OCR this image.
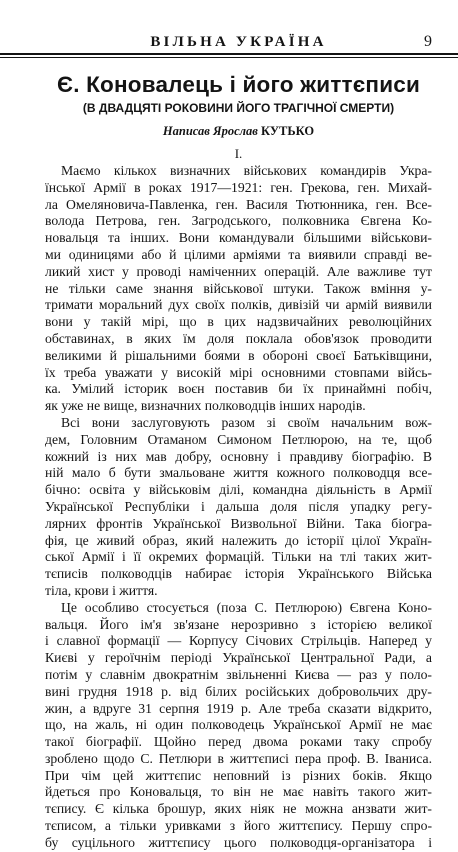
ВІЛЬНА УКРАЇНА	9
Є. Коновалець і його життєписи
(В ДВАДЦЯТІ РОКОВИНИ ЙОГО ТРАГІЧНОЇ СМЕРТИ)
Написав Ярослав КУТЬКО
I.
Маємо кількох визначних військових командирів Укра-
їнської Армії в роках 1917—1921: ген. Грекова, ген. Михай-
ла Омеляновича-Павленка, ген. Василя Тютюнника, ген. Все-
волода Петрова, ген. Загродського, полковника Євгена Ко-
новальця та інших. Вони командували більшими військови-
ми одиницями або й цілими арміями та виявили справді ве-
ликий хист у проводі наміченних операцій. Але важливе тут
не тільки саме знання військової штуки. Також вміння у-
тримати моральний дух своїх полків, дивізій чи армій виявили
вони у такій мірі, що в цих надзвичайних революційних
обставинах, в яких їм доля поклала обов'язок проводити
великими й рішальними боями в обороні своєї Батьківщини,
їх треба уважати у високій мірі основними стовпами війсь-
ка. Умілий історик воєн поставив би їх принаймні побіч,
як уже не вище, визначних полководців інших народів.
Всі вони заслуговують разом зі своїм начальним вож-
дем, Головним Отаманом Симоном Петлюрою, на те, щоб
кожний із них мав добру, основну і правдиву біографію. В
ній мало б бути змальоване життя кожного полководця все-
бічно: освіта у військовім ділі, командна діяльність в Армії
Української Республіки і дальша доля після упадку регу-
лярних фронтів Української Визвольної Війни. Така біогра-
фія, це живий образ, який належить до історії цілої Україн-
ської Армії і її окремих формацій. Тільки на тлі таких жит-
тєписів полководців набирає історія Українського Війська
тіла, крови і життя.
Це особливо стосується (поза С. Петлюрою) Євгена Коно-
вальця. Його ім'я зв'язане нерозривно з історією великої
і славної формації — Корпусу Січових Стрільців. Наперед у
Києві у героїчнім періоді Української Центральної Ради, а
потім у славнім двократнім звільненні Києва — раз у поло-
вині грудня 1918 р. від білих російських добровольчих дру-
жин, а вдруге 31 серпня 1919 р. Але треба сказати відкрито,
що, на жаль, ні один полководець Української Армії не має
такої біографії. Щойно перед двома роками таку спробу
зроблено щодо С. Петлюри в життєписі пера проф. В. Іваниса.
При чім цей життєпис неповний із різних боків. Якщо
йдеться про Коновальця, то він не має навіть такого жит-
тєпису. Є кілька брошур, яких ніяк не можна анзвати жит-
тєписом, а тільки уривками з його життєпису. Першу спро-
бу суцільного життєпису цього полководця-організатора і
